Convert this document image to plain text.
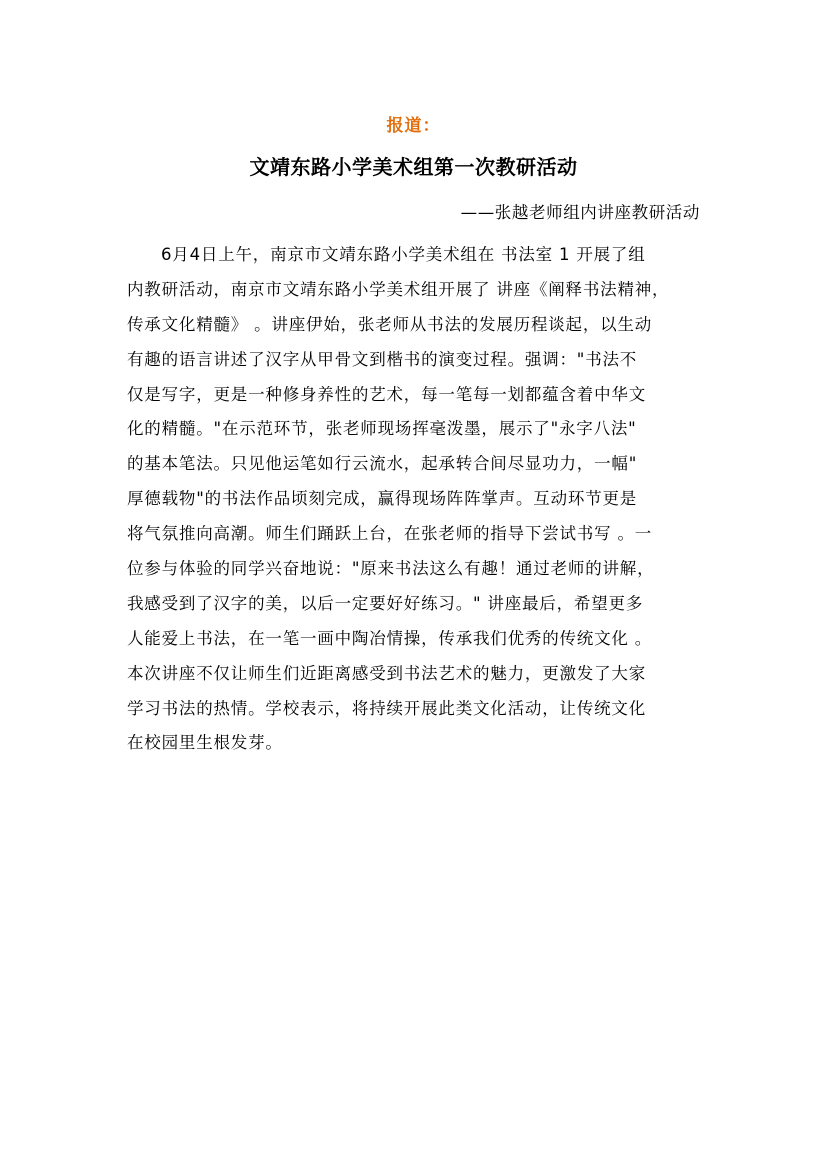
报道：
文靖东路小学美术组第一次教研活动
——张越老师组内讲座教研活动
6月4日上午，南京市文靖东路小学美术组在 书法室 1 开展了组
内教研活动，南京市文靖东路小学美术组开展了 讲座《阐释书法精神，
传承文化精髓》 。讲座伊始，张老师从书法的发展历程谈起，以生动
有趣的语言讲述了汉字从甲骨文到楷书的演变过程。强调："书法不
仅是写字，更是一种修身养性的艺术，每一笔每一划都蕴含着中华文
化的精髓。"在示范环节，张老师现场挥毫泼墨，展示了"永字八法"
的基本笔法。只见他运笔如行云流水，起承转合间尽显功力，一幅"
厚德载物"的书法作品顷刻完成，赢得现场阵阵掌声。互动环节更是
将气氛推向高潮。师生们踊跃上台，在张老师的指导下尝试书写 。一
位参与体验的同学兴奋地说："原来书法这么有趣！通过老师的讲解，
我感受到了汉字的美，以后一定要好好练习。" 讲座最后，希望更多
人能爱上书法，在一笔一画中陶冶情操，传承我们优秀的传统文化 。
本次讲座不仅让师生们近距离感受到书法艺术的魅力，更激发了大家
学习书法的热情。学校表示，将持续开展此类文化活动，让传统文化
在校园里生根发芽。
